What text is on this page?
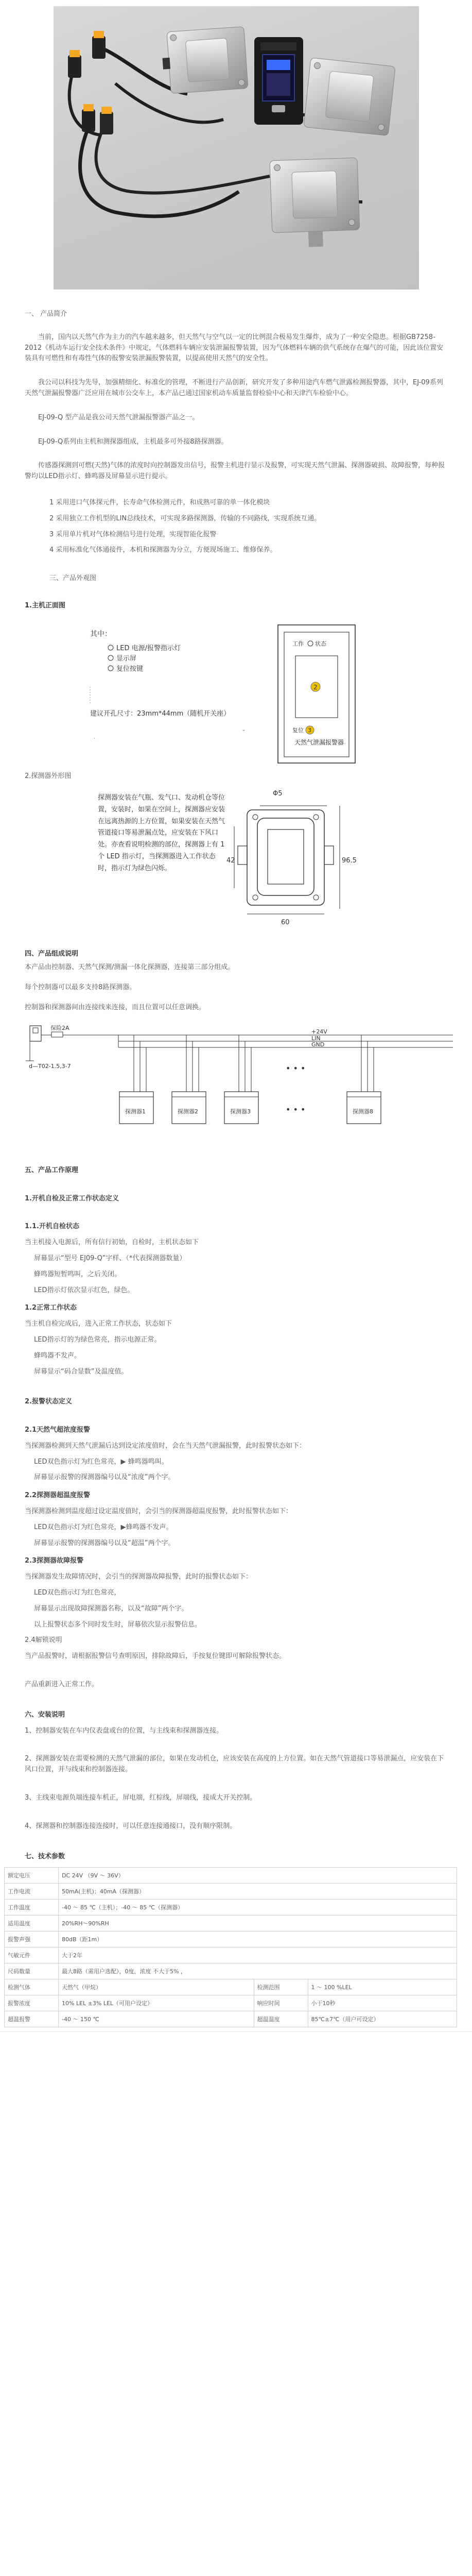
一、 产品简介
当前，国内以天然气作为主力的汽车越来越多，但天然气与空气以一定的比例混合极易发生爆炸，成为了一种安全隐患。根据GB7258-2012《机动车运行安全技术条件》中规定，气体燃料车辆应安装泄漏报警装置，因为气体燃料车辆的供气系统存在爆气的可能，因此该位置安装具有可燃性和有毒性气体的报警安装泄漏报警装置，以提高使用天然气的安全性。
我公司以科技为先导，加强精细化、标准化的管理，不断进行产品创新，研究开发了多种用途汽车燃气泄露检测报警器，其中，EJ-09系列天然气泄漏报警器广泛应用在城市公交车上，本产品已通过国家机动车质量监督检验中心和天津汽车检验中心。
EJ-09-Q 型产品是我公司天然气泄漏报警器产品之一。
EJ-09-Q系列由主机和测探器组成，主机最多可外接8路探测器。
传感器探测到可燃(天然)气体的浓度时向控制器发出信号，报警主机进行显示及报警，可实现天然气泄漏、探测器破损、故障报警，每种报警均以LED指示灯、蜂鸣器及屏幕显示进行提示。
1 采用进口气体探元件，长寿命气体检测元件，和成熟可靠的单一体化模块
2 采用独立工作机型的LIN总线技术，可实现多路探测器，传输的不同路线，实现系统互通。
3 采用单片机对气体检测信号进行处理，实现智能化报警
4 采用标准化气体通接件，本机和探测器为分立，方便现场施工、维修保养。
三、产品外观图
1.主机正面图
其中：
LED 电源/报警指示灯
显示屏
复位按键
建议开孔尺寸：23mm*44mm（随机开关座）
ˇ
˙
工作 状态
2
复位 3
天然气泄漏报警器
2.探测器外形图
探测器安装在气瓶、发气口、发动机仓等位置，安装时，如果在空间上，探测器应安装在远离热源的上方位置，如果安装在天然气管道接口等易泄漏点处，应安装在下风口处。亦查看说明检测的部位，探测器上有 1 个 LED 指示灯，当探测器进入工作状态时，指示灯为绿色闪烁。
Φ5
42	96.5
60
四、产品组成说明
本产品由控制器、天然气探测/测漏一体化探测器，连接第三部分组成。
每个控制器可以最多支持8路探测器。
控制器和探测器间由连接线来连接，而且位置可以任意调换。
保险2A
d—T02-1.5,3-7
+24V
LIN
GND
探测器1	探测器2	探测器3
• • •
• • •	探测器8
五、产品工作原理
1.开机自检及正常工作状态定义
1.1.开机自检状态
当主机接入电源后，所有信行初始，自检时，主机状态如下
屏幕显示“型号 EJ09-Q”字样、（*代表探测器数量）
蜂鸣器短暂鸣叫，之后关闭。
LED指示灯依次显示红色，绿色。
1.2正常工作状态
当主机自检完成后，进入正常工作状态，状态如下
LED指示灯的为绿色常亮，指示电源正常。
蜂鸣器不发声。
屏幕显示“码合显数”及温度值。
2.报警状态定义
2.1天然气超浓度报警
当探测器检测到天然气泄漏后达到设定浓度值时，会在当天然气泄漏报警，此时报警状态如下：
LED双色指示灯为红色常亮，▶ 蜂鸣器鸣叫。
屏幕显示报警的探测器编号以及“浓度”两个字。
2.2探测器超温度报警
当探测器检测到温度超过设定温度值时，会引当的探测器超温度报警，此时报警状态如下：
LED双色指示灯为红色常亮，▶蜂鸣器不发声。
屏幕显示报警的探测器编号以及“超温”两个字。
2.3探测器故障报警
当探测器发生故障情况时，会引当的探测器故障报警，此时的报警状态如下：
LED双色指示灯为红色常亮，
屏幕显示出现故障探测器名称，以及“故障”两个字。
以上报警状态多个同时发生时，屏幕依次显示报警信息。
2.4解锁说明
当产品报警时，请根据报警信号查明原因，排除故障后，手按复位键即可解除报警状态。
产品重新进入正常工作。
六、安装说明
1、控制器安装在车内仪表盘或台的位置，与主线束和探测器连接。
2、探测器安装在需要检测的天然气泄漏的部位，如果在发动机仓，应该安装在高度的上方位置。如在天然气管道接口等易泄漏点，应安装在下风口位置，并与线束和控制器连接。
3、主线束电源负端连接车机正，屏电端，红棕线，屏端线，接成大开关控制。
4、探测器和控制器连接连接时，可以任意连接通接口，没有顺序限制。
七、技术参数
额定电压	DC 24V （9V ～ 36V）		
工作电流	50mA(主机)；40mA（探测器）		
工作温度	-40 ～ 85 ℃（主机）；-40 ～ 85 ℃（探测器）		
适用温度	20%RH～90%RH		
报警声强	80dB（距1m）		
气敏元件	大于2年		
尺码数量	最大8路（需用户选配），0度，浓度 不大于5% ，		
检测气体	天然气（甲烷）	检测范围	1 ～ 100 %LEL
报警浓度	10% LEL ±3% LEL（可用户设定）	响应时间	小于10秒
超温报警	-40 ～ 150 ℃	超温温度	85℃±7℃（用户可设定）
